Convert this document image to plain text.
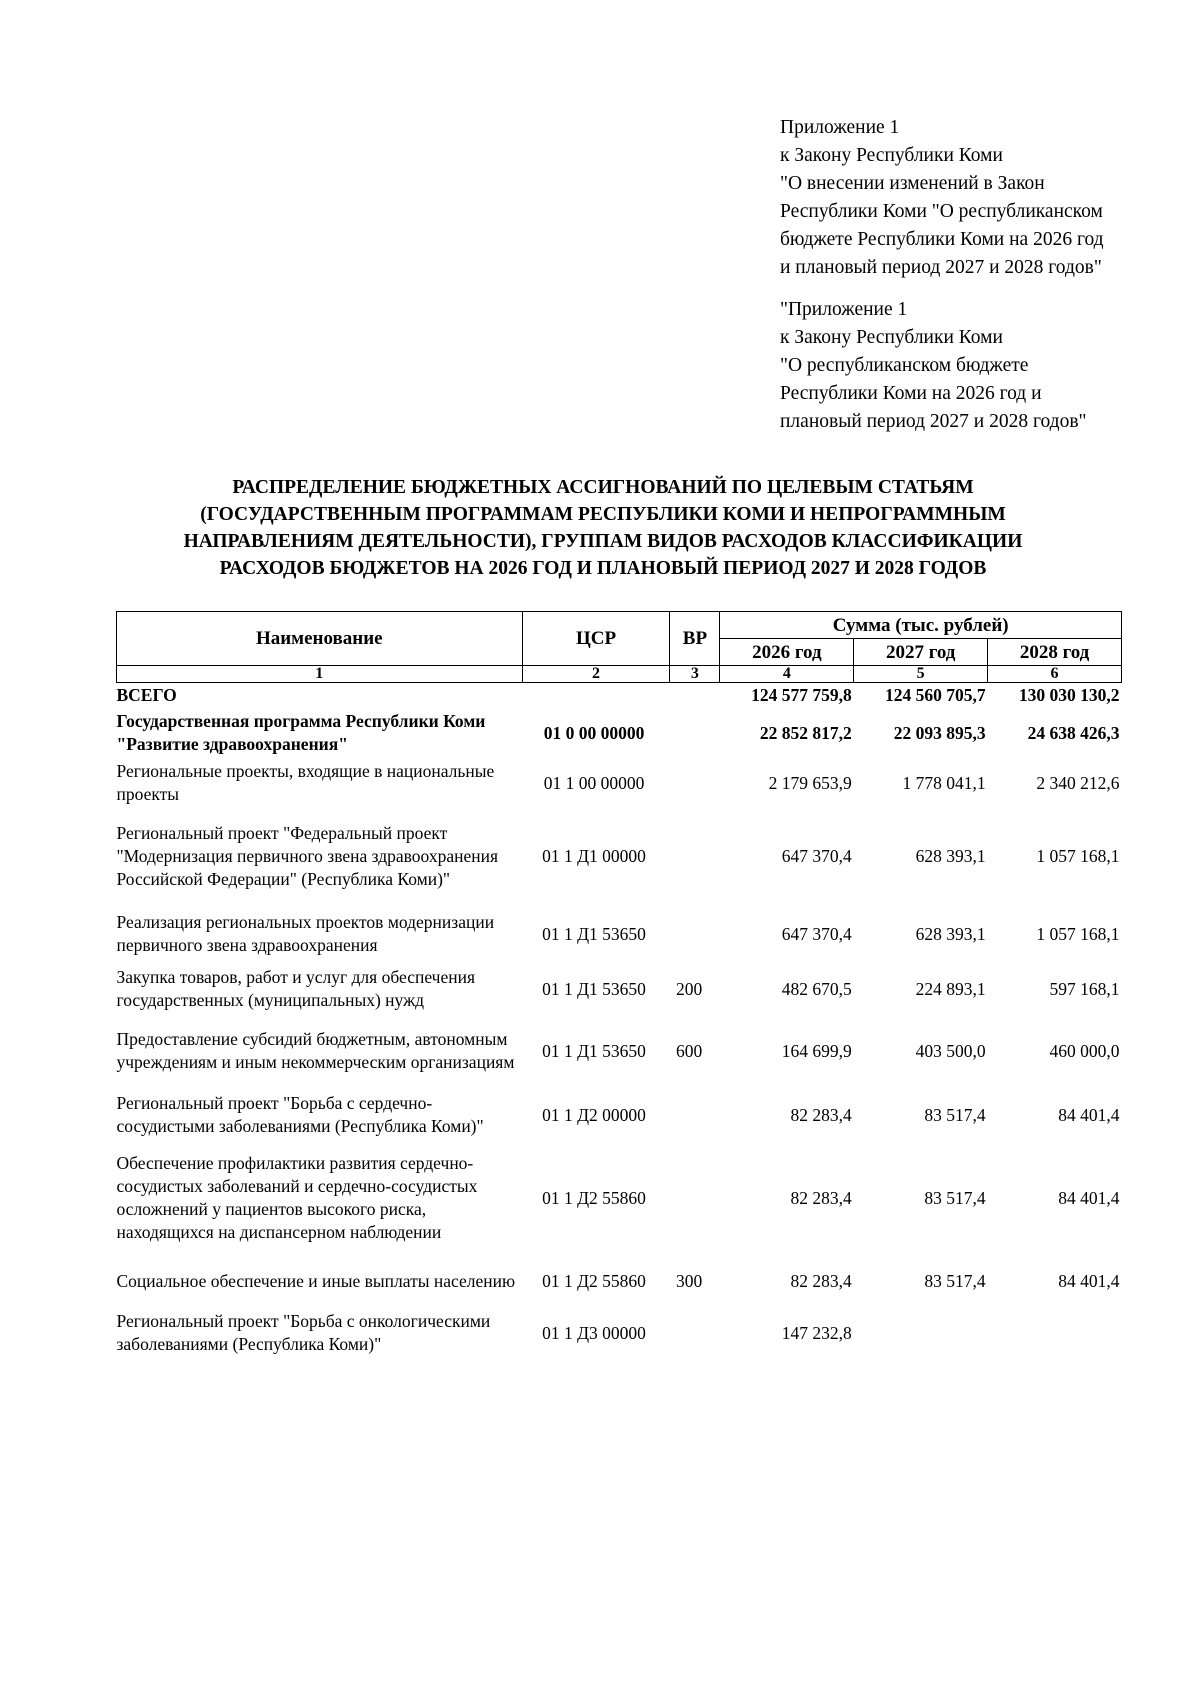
Приложение 1

к Закону Республики Коми

"О внесении изменений в Закон

Республики Коми "О республиканском

бюджете Республики Коми на 2026 год

и плановый период 2027 и 2028 годов"

"Приложение 1

к Закону Республики Коми

"О республиканском бюджете

Республики Коми на 2026 год и

плановый период 2027 и 2028 годов"

РАСПРЕДЕЛЕНИЕ БЮДЖЕТНЫХ АССИГНОВАНИЙ ПО ЦЕЛЕВЫМ СТАТЬЯМ
(ГОСУДАРСТВЕННЫМ ПРОГРАММАМ РЕСПУБЛИКИ КОМИ И НЕПРОГРАММНЫМ
НАПРАВЛЕНИЯМ ДЕЯТЕЛЬНОСТИ), ГРУППАМ ВИДОВ РАСХОДОВ КЛАССИФИКАЦИИ
РАСХОДОВ БЮДЖЕТОВ НА 2026 ГОД И ПЛАНОВЫЙ ПЕРИОД 2027 И 2028 ГОДОВ
Наименование	ЦСР	ВР	Сумма (тыс. рублей)		
			2026 год	2027 год	2028 год
1	2	3	4	5	6
ВСЕГО			124 577 759,8	124 560 705,7	130 030 130,2
Государственная программа Республики Коми "Развитие здравоохранения"	01 0 00 00000		22 852 817,2	22 093 895,3	24 638 426,3
Региональные проекты, входящие в национальные проекты	01 1 00 00000		2 179 653,9	1 778 041,1	2 340 212,6
Региональный проект "Федеральный проект "Модернизация первичного звена здравоохранения Российской Федерации" (Республика Коми)"	01 1 Д1 00000		647 370,4	628 393,1	1 057 168,1
Реализация региональных проектов модернизации первичного звена здравоохранения	01 1 Д1 53650		647 370,4	628 393,1	1 057 168,1
Закупка товаров, работ и услуг для обеспечения государственных (муниципальных) нужд	01 1 Д1 53650	200	482 670,5	224 893,1	597 168,1
Предоставление субсидий бюджетным, автономным учреждениям и иным некоммерческим организациям	01 1 Д1 53650	600	164 699,9	403 500,0	460 000,0
Региональный проект "Борьба с сердечно-сосудистыми заболеваниями (Республика Коми)"	01 1 Д2 00000		82 283,4	83 517,4	84 401,4
Обеспечение профилактики развития сердечно-сосудистых заболеваний и сердечно-сосудистых осложнений у пациентов высокого риска, находящихся на диспансерном наблюдении	01 1 Д2 55860		82 283,4	83 517,4	84 401,4
Социальное обеспечение и иные выплаты населению	01 1 Д2 55860	300	82 283,4	83 517,4	84 401,4
Региональный проект "Борьба с онкологическими заболеваниями (Республика Коми)"	01 1 Д3 00000		147 232,8		
